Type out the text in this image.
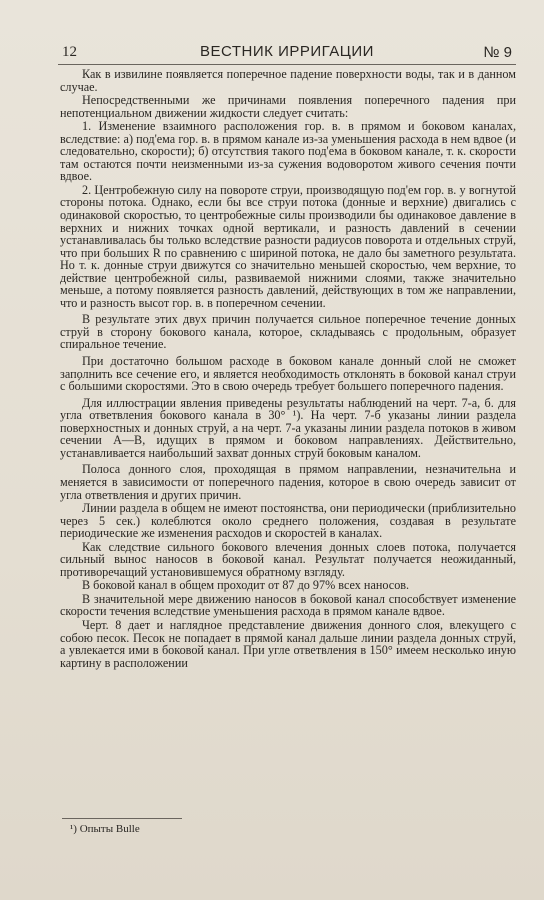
12	ВЕСТНИК ИРРИГАЦИИ	№ 9

Как в извилине появляется поперечное падение поверхности воды, так и в данном случае.

Непосредственными же причинами появления поперечного падения при непотенциальном движении жидкости следует считать:

1. Изменение взаимного расположения гор. в. в прямом и боковом каналах, вследствие: а) под'ема гор. в. в прямом канале из-за уменьшения расхода в нем вдвое (и следовательно, скорости); б) отсутствия такого под'ема в боковом канале, т. к. скорости там остаются почти неизменными из-за сужения водоворотом живого сечения почти вдвое.

2. Центробежную силу на повороте струи, производящую под'ем гор. в. у вогнутой стороны потока. Однако, если бы все струи потока (донные и верхние) двигались с одинаковой скоростью, то центробежные силы производили бы одинаковое давление в верхних и нижних точках одной вертикали, и разность давлений в сечении устанавливалась бы только вследствие разности радиусов поворота и отдельных струй, что при больших R по сравнению с шириной потока, не дало бы заметного результата. Но т. к. донные струи движутся со значительно меньшей скоростью, чем верхние, то действие центробежной силы, развиваемой нижними слоями, также значительно меньше, а потому появляется разность давлений, действующих в том же направлении, что и разность высот гор. в. в поперечном сечении.

В результате этих двух причин получается сильное поперечное течение донных струй в сторону бокового канала, которое, складываясь с продольным, образует спиральное течение.

При достаточно большом расходе в боковом канале донный слой не сможет заполнить все сечение его, и является необходимость отклонять в боковой канал струи с бо́льшими скоростями. Это в свою очередь требует большего поперечного падения.

Для иллюстрации явления приведены результаты наблюдений на черт. 7-а, б. для угла ответвления бокового канала в 30° ¹). На черт. 7-б указаны линии раздела поверхностных и донных струй, а на черт. 7-а указаны линии раздела потоков в живом сечении А—В, идущих в прямом и боковом направлениях. Действительно, устанавливается наибольший захват донных струй боковым каналом.

Полоса донного слоя, проходящая в прямом направлении, незначительна и меняется в зависимости от поперечного падения, которое в свою очередь зависит от угла ответвления и других причин.

Линии раздела в общем не имеют постоянства, они периодически (приблизительно через 5 сек.) колеблются около среднего положения, создавая в результате периодические же изменения расходов и скоростей в каналах.

Как следствие сильного бокового влечения донных слоев потока, получается сильный вынос наносов в боковой канал. Результат получается неожиданный, противоречащий установившемуся обратному взгляду.

В боковой канал в общем проходит от 87 до 97% всех наносов.

В значительной мере движению наносов в боковой канал способствует изменение скорости течения вследствие уменьшения расхода в прямом канале вдвое.

Черт. 8 дает и наглядное представление движения донного слоя, влекущего с собою песок. Песок не попадает в прямой канал дальше линии раздела донных струй, а увлекается ими в боковой канал. При угле ответвления в 150° имеем несколько иную картину в расположении

¹) Опыты Bulle
